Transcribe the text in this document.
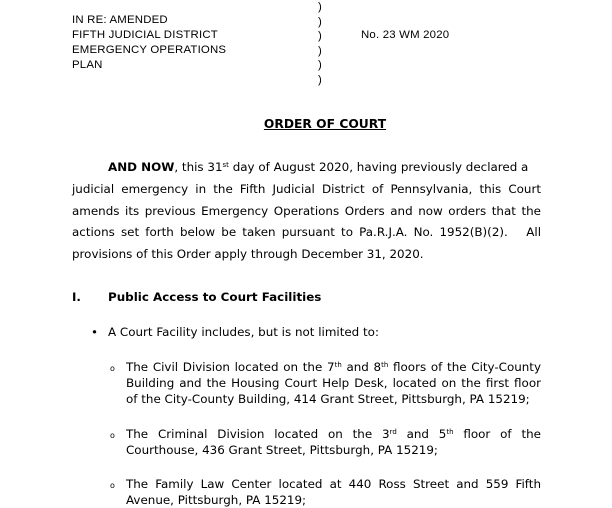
IN RE: AMENDED
FIFTH JUDICIAL DISTRICT
EMERGENCY OPERATIONS
PLAN
)
)
)
)
)
)
No. 23 WM 2020
ORDER OF COURT
AND NOW, this 31st day of August 2020, having previously declared a
judicial emergency in the Fifth Judicial District of Pennsylvania, this Court
amends its previous Emergency Operations Orders and now orders that the
actions set forth below be taken pursuant to Pa.R.J.A. No. 1952(B)(2).   All
provisions of this Order apply through December 31, 2020.
I. Public Access to Court Facilities
• A Court Facility includes, but is not limited to:
o The Civil Division located on the 7th and 8th floors of the City-County
Building and the Housing Court Help Desk, located on the first floor
of the City-County Building, 414 Grant Street, Pittsburgh, PA 15219;
o The  Criminal  Division  located  on  the  3rd  and  5th  floor  of  the
Courthouse, 436 Grant Street, Pittsburgh, PA 15219;
o The Family Law Center located at 440 Ross Street and 559 Fifth
Avenue, Pittsburgh, PA 15219;
